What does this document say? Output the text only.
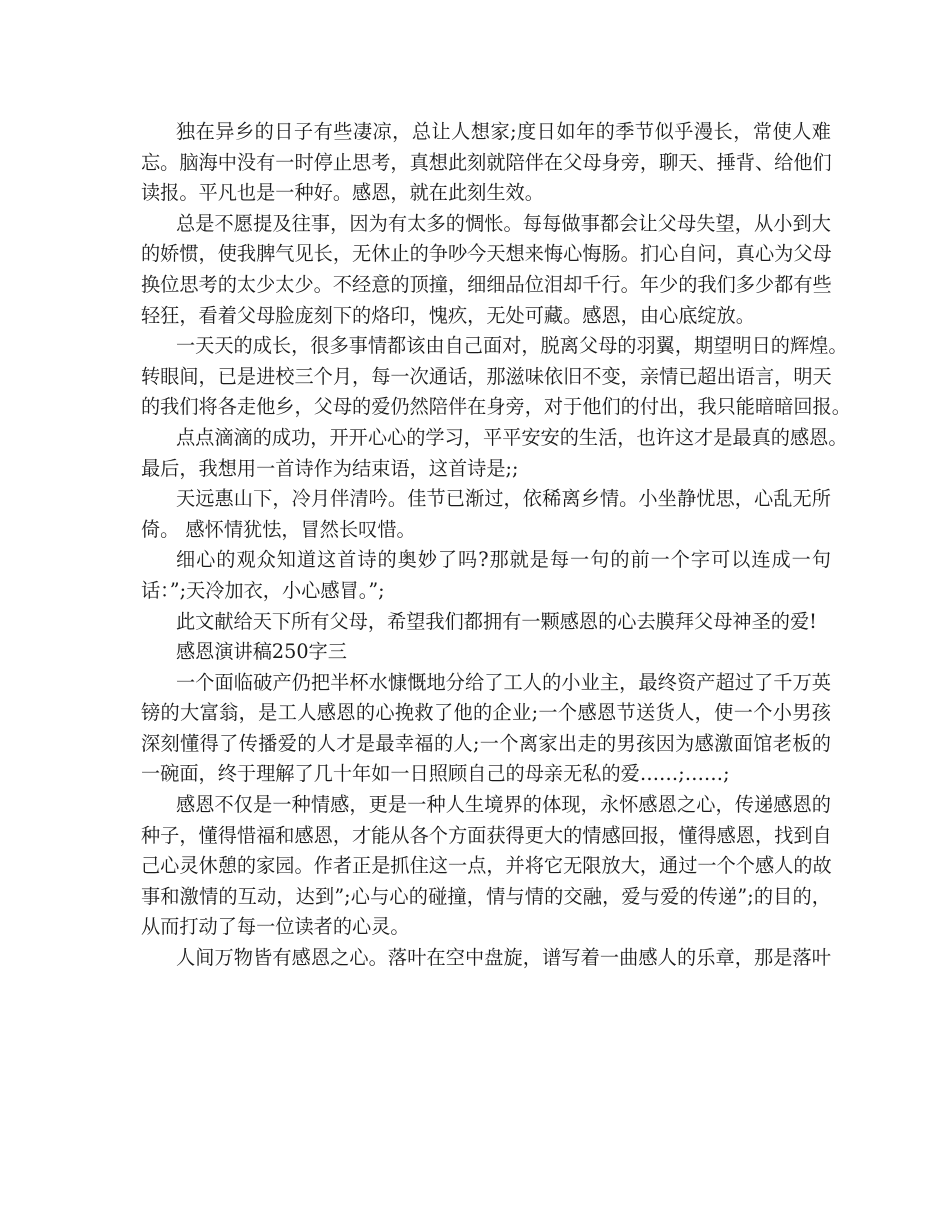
独在异乡的日子有些凄凉，总让人想家;度日如年的季节似乎漫长，常使人难
忘。脑海中没有一时停止思考，真想此刻就陪伴在父母身旁，聊天、捶背、给他们
读报。平凡也是一种好。感恩，就在此刻生效。
总是不愿提及往事，因为有太多的惆怅。每每做事都会让父母失望，从小到大
的娇惯，使我脾气见长，无休止的争吵今天想来悔心悔肠。扪心自问，真心为父母
换位思考的太少太少。不经意的顶撞，细细品位泪却千行。年少的我们多少都有些
轻狂，看着父母脸庞刻下的烙印，愧疚，无处可藏。感恩，由心底绽放。
一天天的成长，很多事情都该由自己面对，脱离父母的羽翼，期望明日的辉煌。
转眼间，已是进校三个月，每一次通话，那滋味依旧不变，亲情已超出语言，明天
的我们将各走他乡，父母的爱仍然陪伴在身旁，对于他们的付出，我只能暗暗回报。
点点滴滴的成功，开开心心的学习，平平安安的生活，也许这才是最真的感恩。
最后，我想用一首诗作为结束语，这首诗是;;
天远惠山下，冷月伴清吟。佳节已渐过，依稀离乡情。小坐静忧思，心乱无所
倚。 感怀情犹怯，冒然长叹惜。
细心的观众知道这首诗的奥妙了吗?那就是每一句的前一个字可以连成一句
话：”;天冷加衣，小心感冒。”;
此文献给天下所有父母，希望我们都拥有一颗感恩的心去膜拜父母神圣的爱!
感恩演讲稿250字三
一个面临破产仍把半杯水慷慨地分给了工人的小业主，最终资产超过了千万英
镑的大富翁，是工人感恩的心挽救了他的企业;一个感恩节送货人，使一个小男孩
深刻懂得了传播爱的人才是最幸福的人;一个离家出走的男孩因为感激面馆老板的
一碗面，终于理解了几十年如一日照顾自己的母亲无私的爱……;……;
感恩不仅是一种情感，更是一种人生境界的体现，永怀感恩之心，传递感恩的
种子，懂得惜福和感恩，才能从各个方面获得更大的情感回报，懂得感恩，找到自
己心灵休憩的家园。作者正是抓住这一点，并将它无限放大，通过一个个感人的故
事和激情的互动，达到”;心与心的碰撞，情与情的交融，爱与爱的传递”;的目的，
从而打动了每一位读者的心灵。
人间万物皆有感恩之心。落叶在空中盘旋，谱写着一曲感人的乐章，那是落叶
